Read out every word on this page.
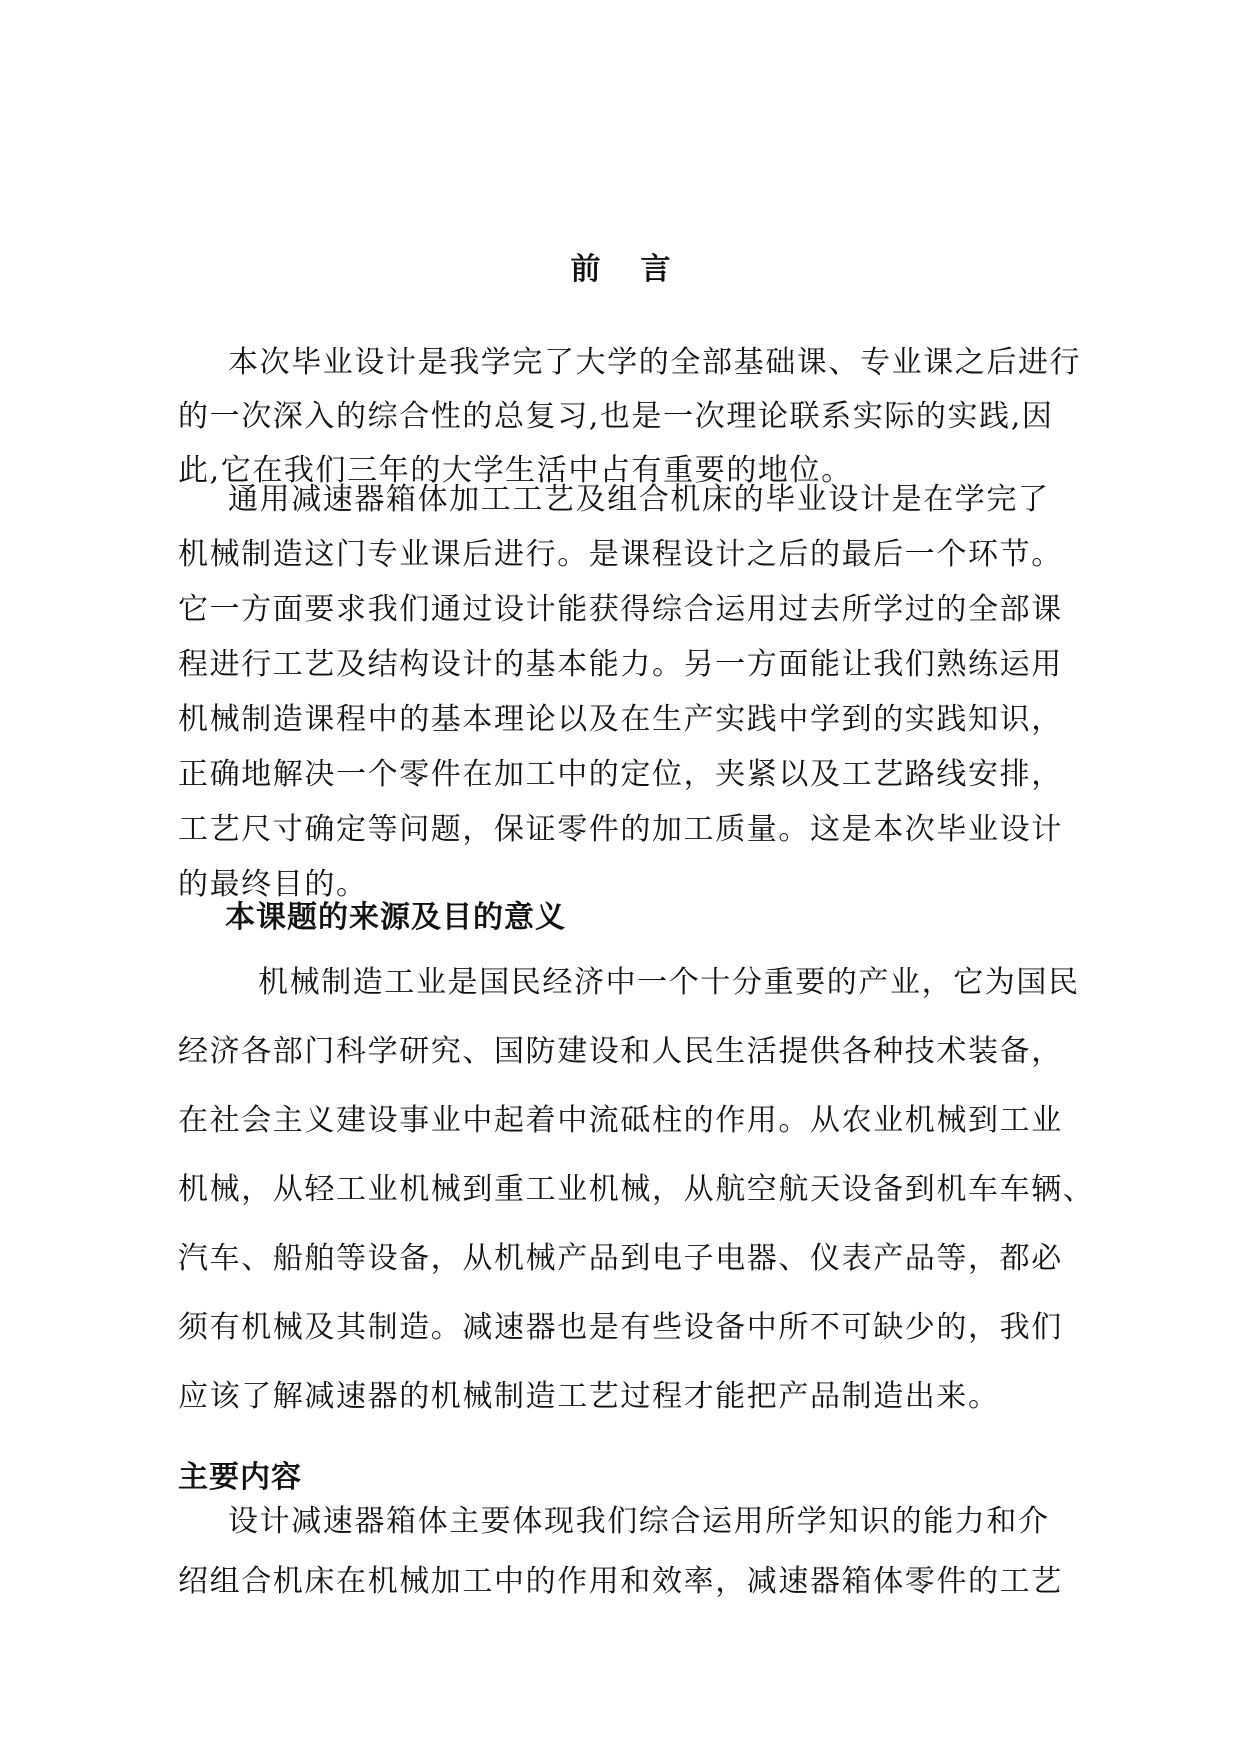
前言
本次毕业设计是我学完了大学的全部基础课、专业课之后进行
的一次深入的综合性的总复习,也是一次理论联系实际的实践,因
此,它在我们三年的大学生活中占有重要的地位。
通用减速器箱体加工工艺及组合机床的毕业设计是在学完了
机械制造这门专业课后进行。是课程设计之后的最后一个环节。
它一方面要求我们通过设计能获得综合运用过去所学过的全部课
程进行工艺及结构设计的基本能力。另一方面能让我们熟练运用
机械制造课程中的基本理论以及在生产实践中学到的实践知识，
正确地解决一个零件在加工中的定位，夹紧以及工艺路线安排，
工艺尺寸确定等问题，保证零件的加工质量。这是本次毕业设计
的最终目的。
本课题的来源及目的意义
机械制造工业是国民经济中一个十分重要的产业，它为国民
经济各部门科学研究、国防建设和人民生活提供各种技术装备，
在社会主义建设事业中起着中流砥柱的作用。从农业机械到工业
机械，从轻工业机械到重工业机械，从航空航天设备到机车车辆、
汽车、船舶等设备，从机械产品到电子电器、仪表产品等，都必
须有机械及其制造。减速器也是有些设备中所不可缺少的，我们
应该了解减速器的机械制造工艺过程才能把产品制造出来。
主要内容
设计减速器箱体主要体现我们综合运用所学知识的能力和介
绍组合机床在机械加工中的作用和效率，减速器箱体零件的工艺
